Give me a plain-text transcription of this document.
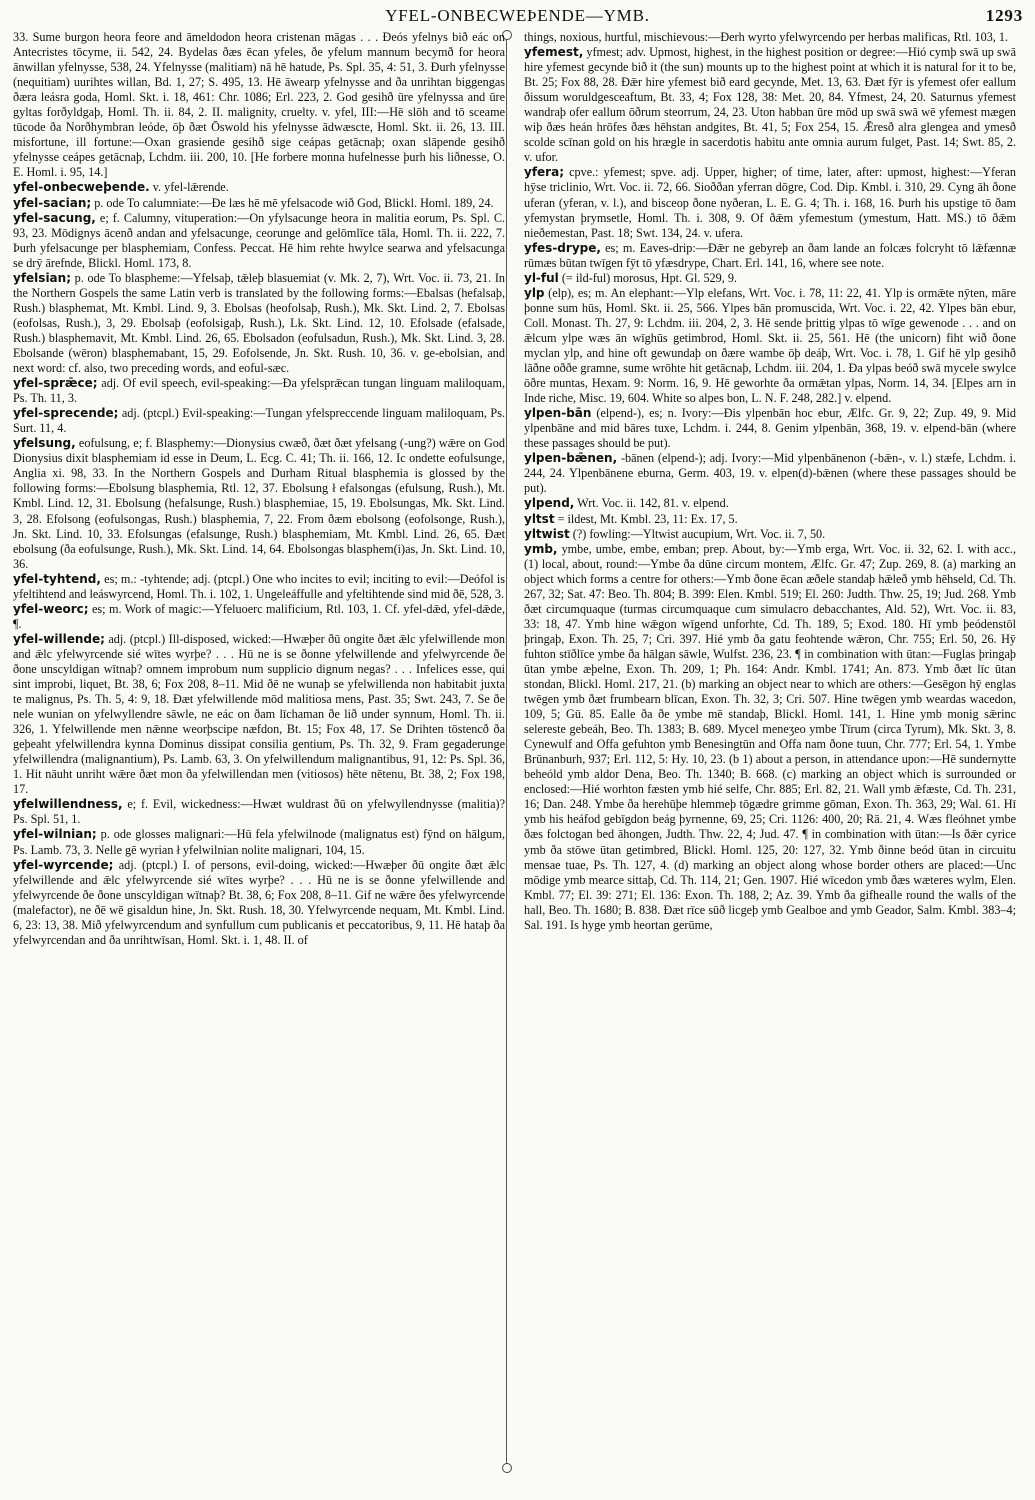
YFEL-ONBECWEÞENDE—YMB.	1293

33. Sume burgon heora feore and āmeldodon heora cristenan māgas . . . Ðeós yfelnys bið eác on Antecristes tōcyme, ii. 542, 24. Bydelas ðæs ēcan yfeles, ðe yfelum mannum becymð for heora ānwillan yfelnysse, 538, 24. Yfelnysse (malitiam) nā hē hatude, Ps. Spl. 35, 4: 51, 3. Ðurh yfelnysse (nequitiam) uurihtes willan, Bd. 1, 27; S. 495, 13. Hē āwearp yfelnysse and ða unrihtan biggengas ðæra leásra goda, Homl. Skt. i. 18, 461: Chr. 1086; Erl. 223, 2. God gesihð ūre yfelnyssa and ūre gyltas forðyldgaþ, Homl. Th. ii. 84, 2. II. malignity, cruelty. v. yfel, III:—Hē slōh and tō sceame tūcode ða Norðhymbran leóde, ōþ ðæt Ōswold his yfelnysse ādwæscte, Homl. Skt. ii. 26, 13. III. misfortune, ill fortune:—Oxan grasiende gesihð sige ceápas getācnaþ; oxan slāpende gesihð yfelnysse ceápes getācnaþ, Lchdm. iii. 200, 10. [He forbere monna hufelnesse þurh his liðnesse, O. E. Homl. i. 95, 14.]

yfel-onbecweþende. v. yfel-lǣrende.

yfel-sacian; p. ode To calumniate:—Ðe læs hē mē yfelsacode wið God, Blickl. Homl. 189, 24.

yfel-sacung, e; f. Calumny, vituperation:—On yfylsacunge heora in malitia eorum, Ps. Spl. C. 93, 23. Mōdignys ācenð andan and yfelsacunge, ceorunge and gelōmlīce tāla, Homl. Th. ii. 222, 7. Þurh yfelsacunge per blasphemiam, Confess. Peccat. Hē him rehte hwylce searwa and yfelsacunga se drȳ ārefnde, Blickl. Homl. 173, 8.

yfelsian; p. ode To blaspheme:—Yfelsaþ, tǣleþ blasuemiat (v. Mk. 2, 7), Wrt. Voc. ii. 73, 21. In the Northern Gospels the same Latin verb is translated by the following forms:—Ebalsas (hefalsaþ, Rush.) blasphemat, Mt. Kmbl. Lind. 9, 3. Ebolsas (heofolsaþ, Rush.), Mk. Skt. Lind. 2, 7. Ebolsas (eofolsas, Rush.), 3, 29. Ebolsaþ (eofolsigaþ, Rush.), Lk. Skt. Lind. 12, 10. Efolsade (efalsade, Rush.) blasphemavit, Mt. Kmbl. Lind. 26, 65. Ebolsadon (eofulsadun, Rush.), Mk. Skt. Lind. 3, 28. Ebolsande (wēron) blasphemabant, 15, 29. Eofolsende, Jn. Skt. Rush. 10, 36. v. ge-ebolsian, and next word: cf. also, two preceding words, and eoful-sæc.

yfel-sprǣce; adj. Of evil speech, evil-speaking:—Ða yfelsprǣcan tungan linguam maliloquam, Ps. Th. 11, 3.

yfel-sprecende; adj. (ptcpl.) Evil-speaking:—Tungan yfelspreccende linguam maliloquam, Ps. Surt. 11, 4.

yfelsung, eofulsung, e; f. Blasphemy:—Dionysius cwæð, ðæt ðæt yfelsang (-ung?) wǣre on God Dionysius dixit blasphemiam id esse in Deum, L. Ecg. C. 41; Th. ii. 166, 12. Ic ondette eofulsunge, Anglia xi. 98, 33. In the Northern Gospels and Durham Ritual blasphemia is glossed by the following forms:—Ebolsung blasphemia, Rtl. 12, 37. Ebolsung ł efalsongas (efulsung, Rush.), Mt. Kmbl. Lind. 12, 31. Ebolsung (hefalsunge, Rush.) blasphemiae, 15, 19. Ebolsungas, Mk. Skt. Lind. 3, 28. Efolsong (eofulsongas, Rush.) blasphemia, 7, 22. From ðæm ebolsong (eofolsonge, Rush.), Jn. Skt. Lind. 10, 33. Efolsungas (efalsunge, Rush.) blasphemiam, Mt. Kmbl. Lind. 26, 65. Ðæt ebolsung (ða eofulsunge, Rush.), Mk. Skt. Lind. 14, 64. Ebolsongas blasphem(i)as, Jn. Skt. Lind. 10, 36.

yfel-tyhtend, es; m.: -tyhtende; adj. (ptcpl.) One who incites to evil; inciting to evil:—Deófol is yfeltihtend and leáswyrcend, Homl. Th. i. 102, 1. Ungeleáffulle and yfeltihtende sind mid ðē, 528, 3.

yfel-weorc; es; m. Work of magic:—Yfeluoerc malificium, Rtl. 103, 1. Cf. yfel-dǣd, yfel-dǣde, ¶.

yfel-willende; adj. (ptcpl.) Ill-disposed, wicked:—Hwæþer ðū ongite ðæt ǣlc yfelwillende mon and ǣlc yfelwyrcende sié wītes wyrþe? . . . Hū ne is se ðonne yfelwillende and yfelwyrcende ðe ðone unscyldigan wītnaþ? omnem improbum num supplicio dignum negas? . . . Infelices esse, qui sint improbi, liquet, Bt. 38, 6; Fox 208, 8–11. Mid ðē ne wunaþ se yfelwillenda non habitabit juxta te malignus, Ps. Th. 5, 4: 9, 18. Ðæt yfelwillende mōd malitiosa mens, Past. 35; Swt. 243, 7. Se ðe nele wunian on yfelwyllendre sāwle, ne eác on ðam līchaman ðe lið under synnum, Homl. Th. ii. 326, 1. Yfelwillende men nǣnne weorþscipe næfdon, Bt. 15; Fox 48, 17. Se Drihten tōstencð ða geþeaht yfelwillendra kynna Dominus dissipat consilia gentium, Ps. Th. 32, 9. Fram gegaderunge yfelwillendra (malignantium), Ps. Lamb. 63, 3. On yfelwillendum malignantibus, 91, 12: Ps. Spl. 36, 1. Hit nāuht unriht wǣre ðæt mon ða yfelwillendan men (vitiosos) hēte nētenu, Bt. 38, 2; Fox 198, 17.

yfelwillendness, e; f. Evil, wickedness:—Hwæt wuldrast ðū on yfelwyllendnysse (malitia)? Ps. Spl. 51, 1.

yfel-wilnian; p. ode glosses malignari:—Hū fela yfelwilnode (malignatus est) fȳnd on hālgum, Ps. Lamb. 73, 3. Nelle gē wyrian ł yfelwilnian nolite malignari, 104, 15.

yfel-wyrcende; adj. (ptcpl.) I. of persons, evil-doing, wicked:—Hwæþer ðū ongite ðæt ǣlc yfelwillende and ǣlc yfelwyrcende sié wītes wyrþe? . . . Hū ne is se ðonne yfelwillende and yfelwyrcende ðe ðone unscyldigan wītnaþ? Bt. 38, 6; Fox 208, 8–11. Gif ne wǣre ðes yfelwyrcende (malefactor), ne ðē wē gisaldun hine, Jn. Skt. Rush. 18, 30. Yfelwyrcende nequam, Mt. Kmbl. Lind. 6, 23: 13, 38. Mið yfelwyrcendum and synfullum cum publicanis et peccatoribus, 9, 11. Hē hataþ ða yfelwyrcendan and ða unrihtwīsan, Homl. Skt. i. 1, 48. II. of

things, noxious, hurtful, mischievous:—Ðerh wyrto yfelwyrcendo per herbas malificas, Rtl. 103, 1.

yfemest, yfmest; adv. Upmost, highest, in the highest position or degree:—Hió cymþ swā up swā hire yfemest gecynde bið it (the sun) mounts up to the highest point at which it is natural for it to be, Bt. 25; Fox 88, 28. Ðǣr hire yfemest bið eard gecynde, Met. 13, 63. Ðæt fȳr is yfemest ofer eallum ðissum woruldgesceaftum, Bt. 33, 4; Fox 128, 38: Met. 20, 84. Yfmest, 24, 20. Saturnus yfemest wandraþ ofer eallum ōðrum steorrum, 24, 23. Uton habban ūre mōd up swā swā wē yfemest mægen wiþ ðæs heán hrōfes ðæs hēhstan andgites, Bt. 41, 5; Fox 254, 15. Ǣresð alra glengea and ymesð scolde scīnan gold on his hrægle in sacerdotis habitu ante omnia aurum fulget, Past. 14; Swt. 85, 2. v. ufor.

yfera; cpve.: yfemest; spve. adj. Upper, higher; of time, later, after: upmost, highest:—Yferan hȳse triclinio, Wrt. Voc. ii. 72, 66. Sioððan yferran dōgre, Cod. Dip. Kmbl. i. 310, 29. Cyng āh ðone uferan (yferan, v. l.), and bisceop ðone nyðeran, L. E. G. 4; Th. i. 168, 16. Þurh his upstige tō ðam yfemystan þrymsetle, Homl. Th. i. 308, 9. Of ðǣm yfemestum (ymestum, Hatt. MS.) tō ðǣm nieðemestan, Past. 18; Swt. 134, 24. v. ufera.

yfes-drype, es; m. Eaves-drip:—Ðǣr ne gebyreþ an ðam lande an folcæs folcryht tō lǣfænnæ rūmæs būtan twīgen fȳt tō yfæsdrype, Chart. Erl. 141, 16, where see note.

yl-ful (= ild-ful) morosus, Hpt. Gl. 529, 9.

ylp (elp), es; m. An elephant:—Ylp elefans, Wrt. Voc. i. 78, 11: 22, 41. Ylp is ormǣte nȳten, māre þonne sum hūs, Homl. Skt. ii. 25, 566. Ylpes bān promuscida, Wrt. Voc. i. 22, 42. Ylpes bān ebur, Coll. Monast. Th. 27, 9: Lchdm. iii. 204, 2, 3. Hē sende þrittig ylpas tō wīge gewenode . . . and on ǣlcum ylpe wæs ān wīghūs getimbrod, Homl. Skt. ii. 25, 561. Hē (the unicorn) fiht wið ðone myclan ylp, and hine oft gewundaþ on ðære wambe ōþ deáþ, Wrt. Voc. i. 78, 1. Gif hē ylp gesihð lāðne oððe gramne, sume wrōhte hit getācnaþ, Lchdm. iii. 204, 1. Ða ylpas beóð swā mycele swylce ōðre muntas, Hexam. 9: Norm. 16, 9. Hē geworhte ða ormǣtan ylpas, Norm. 14, 34. [Elpes arn in Inde riche, Misc. 19, 604. White so alpes bon, L. N. F. 248, 282.] v. elpend.

ylpen-bān (elpend-), es; n. Ivory:—Ðis ylpenbān hoc ebur, Ælfc. Gr. 9, 22; Zup. 49, 9. Mid ylpenbāne and mid bāres tuxe, Lchdm. i. 244, 8. Genim ylpenbān, 368, 19. v. elpend-bān (where these passages should be put).

ylpen-bǣnen, -bānen (elpend-); adj. Ivory:—Mid ylpenbānenon (-bǣn-, v. l.) stæfe, Lchdm. i. 244, 24. Ylpenbānene eburna, Germ. 403, 19. v. elpen(d)-bǣnen (where these passages should be put).

ylpend, Wrt. Voc. ii. 142, 81. v. elpend.

yltst = ildest, Mt. Kmbl. 23, 11: Ex. 17, 5.

yltwist (?) fowling:—Yltwist aucupium, Wrt. Voc. ii. 7, 50.

ymb, ymbe, umbe, embe, emban; prep. About, by:—Ymb erga, Wrt. Voc. ii. 32, 62. I. with acc., (1) local, about, round:—Ymbe ða dūne circum montem, Ælfc. Gr. 47; Zup. 269, 8. (a) marking an object which forms a centre for others:—Ymb ðone ēcan æðele standaþ hǣleð ymb hēhseld, Cd. Th. 267, 32; Sat. 47: Beo. Th. 804; B. 399: Elen. Kmbl. 519; El. 260: Judth. Thw. 25, 19; Jud. 268. Ymb ðæt circumquaque (turmas circumquaque cum simulacro debacchantes, Ald. 52), Wrt. Voc. ii. 83, 33: 18, 47. Ymb hine wǣgon wīgend unforhte, Cd. Th. 189, 5; Exod. 180. Hī ymb þeódenstōl þringaþ, Exon. Th. 25, 7; Cri. 397. Hié ymb ða gatu feohtende wǣron, Chr. 755; Erl. 50, 26. Hȳ fuhton stīðlīce ymbe ða hālgan sāwle, Wulfst. 236, 23. ¶ in combination with ūtan:—Fuglas þringaþ ūtan ymbe æþelne, Exon. Th. 209, 1; Ph. 164: Andr. Kmbl. 1741; An. 873. Ymb ðæt līc ūtan stondan, Blickl. Homl. 217, 21. (b) marking an object near to which are others:—Gesēgon hȳ englas twēgen ymb ðæt frumbearn blīcan, Exon. Th. 32, 3; Cri. 507. Hine twēgen ymb weardas wacedon, 109, 5; Gū. 85. Ealle ða ðe ymbe mē standaþ, Blickl. Homl. 141, 1. Hine ymb monig sǣrinc selereste gebeáh, Beo. Th. 1383; B. 689. Mycel meneʒeo ymbe Tīrum (circa Tyrum), Mk. Skt. 3, 8. Cynewulf and Offa gefuhton ymb Benesingtūn and Offa nam ðone tuun, Chr. 777; Erl. 54, 1. Ymbe Brūnanburh, 937; Erl. 112, 5: Hy. 10, 23. (b 1) about a person, in attendance upon:—Hē sundernytte beheóld ymb aldor Dena, Beo. Th. 1340; B. 668. (c) marking an object which is surrounded or enclosed:—Hié worhton fæsten ymb hié selfe, Chr. 885; Erl. 82, 21. Wall ymb ǣfæste, Cd. Th. 231, 16; Dan. 248. Ymbe ða herehūþe hlemmeþ tōgædre grimme gōman, Exon. Th. 363, 29; Wal. 61. Hī ymb his heáfod gebīgdon beág þyrnenne, 69, 25; Cri. 1126: 400, 20; Rā. 21, 4. Wæs fleóhnet ymbe ðæs folctogan bed āhongen, Judth. Thw. 22, 4; Jud. 47. ¶ in combination with ūtan:—Is ðǣr cyrice ymb ða stōwe ūtan getimbred, Blickl. Homl. 125, 20: 127, 32. Ymb ðinne beód ūtan in circuitu mensae tuae, Ps. Th. 127, 4. (d) marking an object along whose border others are placed:—Unc mōdige ymb mearce sittaþ, Cd. Th. 114, 21; Gen. 1907. Hié wīcedon ymb ðæs wæteres wylm, Elen. Kmbl. 77; El. 39: 271; El. 136: Exon. Th. 188, 2; Az. 39. Ymb ða gifhealle round the walls of the hall, Beo. Th. 1680; B. 838. Ðæt rīce sūð licgeþ ymb Gealboe and ymb Geador, Salm. Kmbl. 383–4; Sal. 191. Is hyge ymb heortan gerūme,
